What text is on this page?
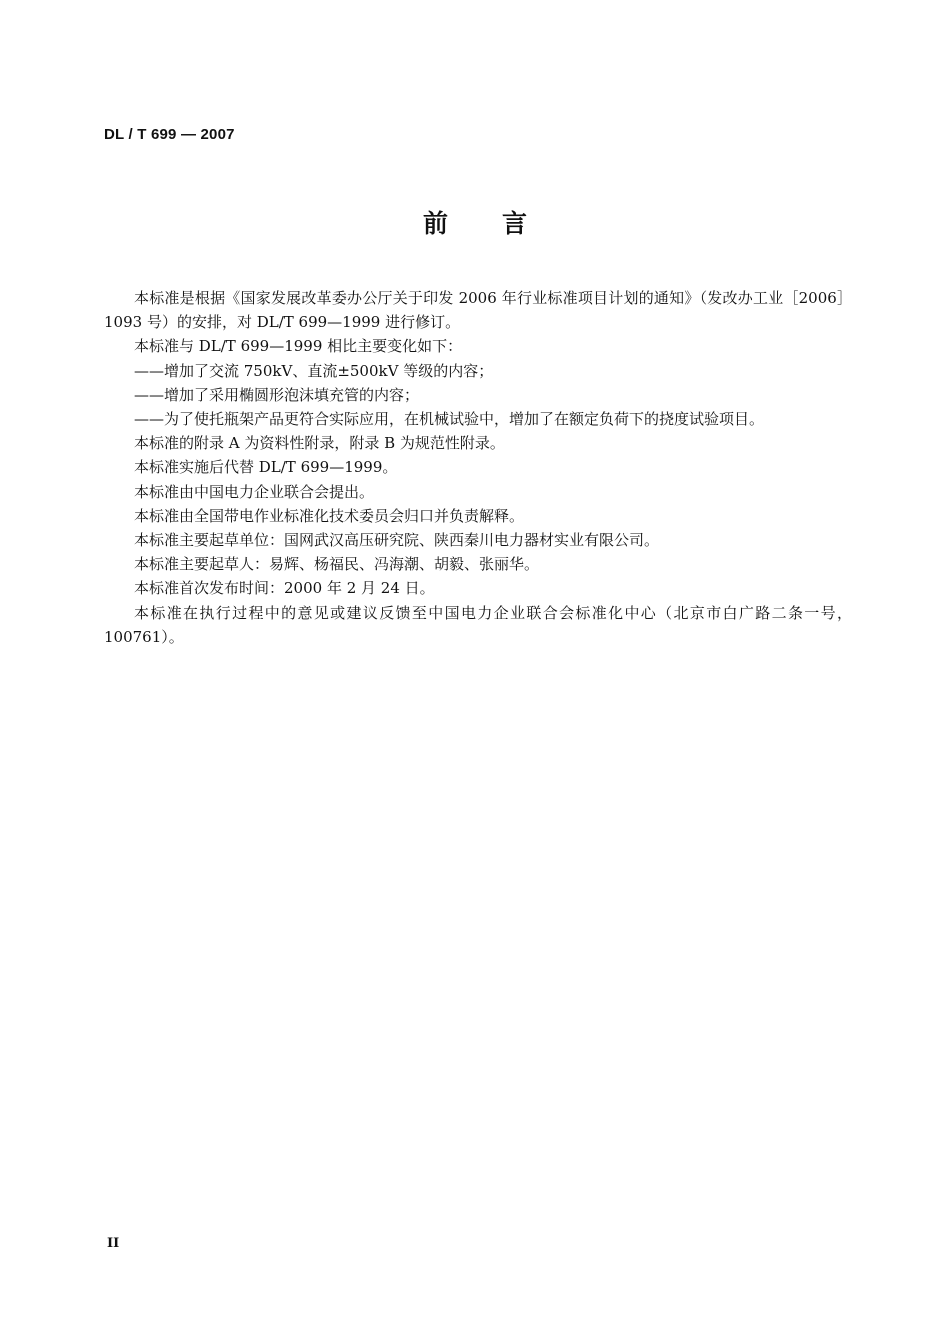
DL / T 699 — 2007
前言

本标准是根据《国家发展改革委办公厅关于印发 2006 年行业标准项目计划的通知》（发改办工业［2006］1093 号）的安排，对 DL/T 699—1999 进行修订。

本标准与 DL/T 699—1999 相比主要变化如下：

——增加了交流 750kV、直流±500kV 等级的内容；

——增加了采用椭圆形泡沫填充管的内容；

——为了使托瓶架产品更符合实际应用，在机械试验中，增加了在额定负荷下的挠度试验项目。

本标准的附录 A 为资料性附录，附录 B 为规范性附录。

本标准实施后代替 DL/T 699—1999。

本标准由中国电力企业联合会提出。

本标准由全国带电作业标准化技术委员会归口并负责解释。

本标准主要起草单位：国网武汉高压研究院、陕西秦川电力器材实业有限公司。

本标准主要起草人：易辉、杨福民、冯海潮、胡毅、张丽华。

本标准首次发布时间：2000 年 2 月 24 日。

本标准在执行过程中的意见或建议反馈至中国电力企业联合会标准化中心（北京市白广路二条一号，100761）。

II
